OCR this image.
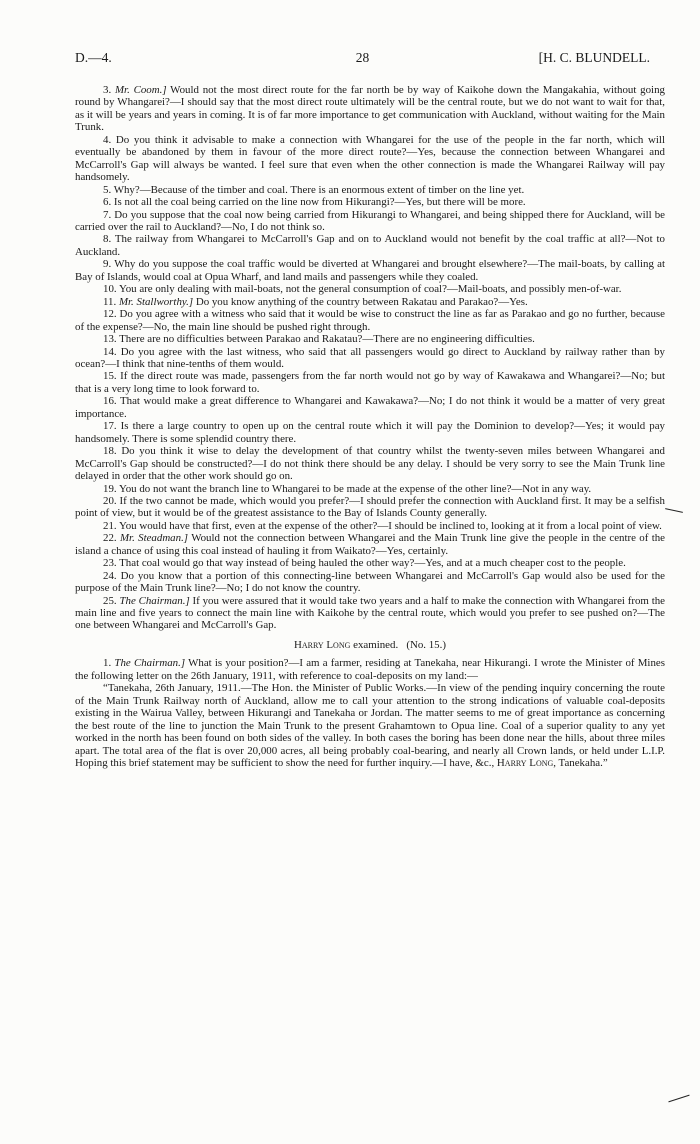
D.—4.	28	[H. C. BLUNDELL.

3. Mr. Coom.] Would not the most direct route for the far north be by way of Kaikohe down the Mangakahia, without going round by Whangarei?—I should say that the most direct route ultimately will be the central route, but we do not want to wait for that, as it will be years and years in coming. It is of far more importance to get communication with Auckland, without waiting for the Main Trunk.

4. Do you think it advisable to make a connection with Whangarei for the use of the people in the far north, which will eventually be abandoned by them in favour of the more direct route?—Yes, because the connection between Whangarei and McCarroll's Gap will always be wanted. I feel sure that even when the other connection is made the Whangarei Railway will pay handsomely.

5. Why?—Because of the timber and coal. There is an enormous extent of timber on the line yet.

6. Is not all the coal being carried on the line now from Hikurangi?—Yes, but there will be more.

7. Do you suppose that the coal now being carried from Hikurangi to Whangarei, and being shipped there for Auckland, will be carried over the rail to Auckland?—No, I do not think so.

8. The railway from Whangarei to McCarroll's Gap and on to Auckland would not benefit by the coal traffic at all?—Not to Auckland.

9. Why do you suppose the coal traffic would be diverted at Whangarei and brought elsewhere?—The mail-boats, by calling at Bay of Islands, would coal at Opua Wharf, and land mails and passengers while they coaled.

10. You are only dealing with mail-boats, not the general consumption of coal?—Mail-boats, and possibly men-of-war.

11. Mr. Stallworthy.] Do you know anything of the country between Rakatau and Parakao?—Yes.

12. Do you agree with a witness who said that it would be wise to construct the line as far as Parakao and go no further, because of the expense?—No, the main line should be pushed right through.

13. There are no difficulties between Parakao and Rakatau?—There are no engineering difficulties.

14. Do you agree with the last witness, who said that all passengers would go direct to Auckland by railway rather than by ocean?—I think that nine-tenths of them would.

15. If the direct route was made, passengers from the far north would not go by way of Kawakawa and Whangarei?—No; but that is a very long time to look forward to.

16. That would make a great difference to Whangarei and Kawakawa?—No; I do not think it would be a matter of very great importance.

17. Is there a large country to open up on the central route which it will pay the Dominion to develop?—Yes; it would pay handsomely. There is some splendid country there.

18. Do you think it wise to delay the development of that country whilst the twenty-seven miles between Whangarei and McCarroll's Gap should be constructed?—I do not think there should be any delay. I should be very sorry to see the Main Trunk line delayed in order that the other work should go on.

19. You do not want the branch line to Whangarei to be made at the expense of the other line?—Not in any way.

20. If the two cannot be made, which would you prefer?—I should prefer the connection with Auckland first. It may be a selfish point of view, but it would be of the greatest assistance to the Bay of Islands County generally.

21. You would have that first, even at the expense of the other?—I should be inclined to, looking at it from a local point of view.

22. Mr. Steadman.] Would not the connection between Whangarei and the Main Trunk line give the people in the centre of the island a chance of using this coal instead of hauling it from Waikato?—Yes, certainly.

23. That coal would go that way instead of being hauled the other way?—Yes, and at a much cheaper cost to the people.

24. Do you know that a portion of this connecting-line between Whangarei and McCarroll's Gap would also be used for the purpose of the Main Trunk line?—No; I do not know the country.

25. The Chairman.] If you were assured that it would take two years and a half to make the connection with Whangarei from the main line and five years to connect the main line with Kaikohe by the central route, which would you prefer to see pushed on?—The one between Whangarei and McCarroll's Gap.

Harry Long examined. (No. 15.)

1. The Chairman.] What is your position?—I am a farmer, residing at Tanekaha, near Hikurangi. I wrote the Minister of Mines the following letter on the 26th January, 1911, with reference to coal-deposits on my land:—

“Tanekaha, 26th January, 1911.—The Hon. the Minister of Public Works.—In view of the pending inquiry concerning the route of the Main Trunk Railway north of Auckland, allow me to call your attention to the strong indications of valuable coal-deposits existing in the Wairua Valley, between Hikurangi and Tanekaha or Jordan. The matter seems to me of great importance as concerning the best route of the line to junction the Main Trunk to the present Grahamtown to Opua line. Coal of a superior quality to any yet worked in the north has been found on both sides of the valley. In both cases the boring has been done near the hills, about three miles apart. The total area of the flat is over 20,000 acres, all being probably coal-bearing, and nearly all Crown lands, or held under L.I.P. Hoping this brief statement may be sufficient to show the need for further inquiry.—I have, &c., Harry Long, Tanekaha.”
